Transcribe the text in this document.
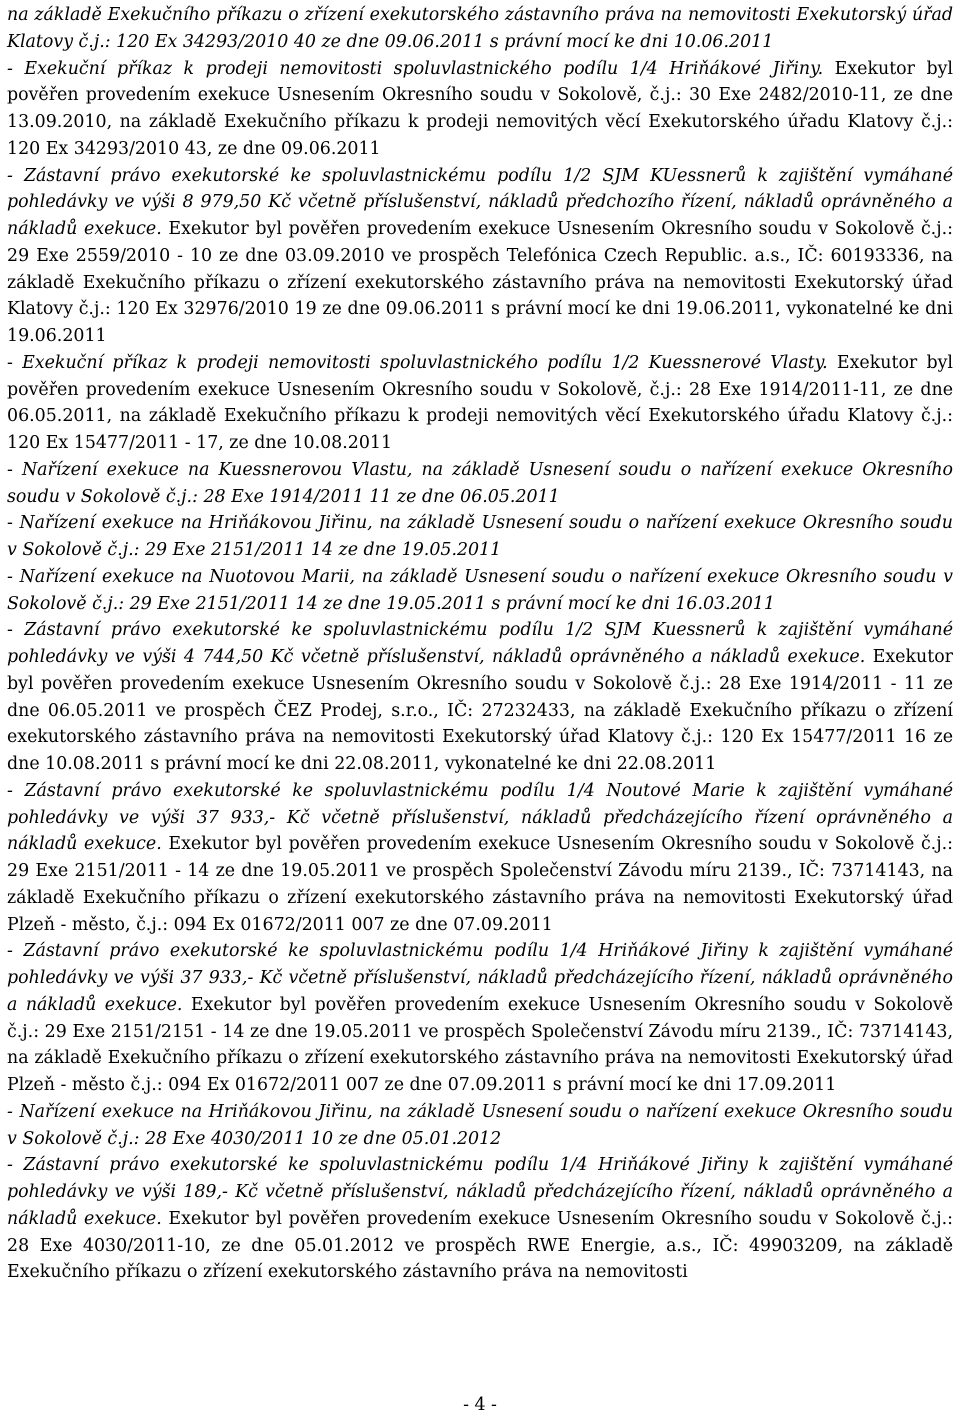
na základě Exekučního příkazu o zřízení exekutorského zástavního práva na nemovitosti Exekutorský úřad Klatovy č.j.: 120 Ex 34293/2010 40 ze dne 09.06.2011 s právní mocí ke dni 10.06.2011

- Exekuční příkaz k prodeji nemovitosti spoluvlastnického podílu 1/4 Hriňákové Jiřiny. Exekutor byl pověřen provedením exekuce Usnesením Okresního soudu v Sokolově, č.j.: 30 Exe 2482/2010-11, ze dne 13.09.2010, na základě Exekučního příkazu k prodeji nemovitých věcí Exekutorského úřadu Klatovy č.j.: 120 Ex 34293/2010 43, ze dne 09.06.2011

- Zástavní právo exekutorské ke spoluvlastnickému podílu 1/2 SJM KUessnerů k zajištění vymáhané pohledávky ve výši 8 979,50 Kč včetně příslušenství, nákladů předchozího řízení, nákladů oprávněného a nákladů exekuce. Exekutor byl pověřen provedením exekuce Usnesením Okresního soudu v Sokolově č.j.: 29 Exe 2559/2010 - 10 ze dne 03.09.2010 ve prospěch Telefónica Czech Republic. a.s., IČ: 60193336, na základě Exekučního příkazu o zřízení exekutorského zástavního práva na nemovitosti Exekutorský úřad Klatovy č.j.: 120 Ex 32976/2010 19 ze dne 09.06.2011 s právní mocí ke dni 19.06.2011, vykonatelné ke dni 19.06.2011

- Exekuční příkaz k prodeji nemovitosti spoluvlastnického podílu 1/2 Kuessnerové Vlasty. Exekutor byl pověřen provedením exekuce Usnesením Okresního soudu v Sokolově, č.j.: 28 Exe 1914/2011-11, ze dne 06.05.2011, na základě Exekučního příkazu k prodeji nemovitých věcí Exekutorského úřadu Klatovy č.j.: 120 Ex 15477/2011 - 17, ze dne 10.08.2011

- Nařízení exekuce na Kuessnerovou Vlastu, na základě Usnesení soudu o nařízení exekuce Okresního soudu v Sokolově č.j.: 28 Exe 1914/2011 11 ze dne 06.05.2011

- Nařízení exekuce na Hriňákovou Jiřinu, na základě Usnesení soudu o nařízení exekuce Okresního soudu v Sokolově č.j.: 29 Exe 2151/2011 14 ze dne 19.05.2011

- Nařízení exekuce na Nuotovou Marii, na základě Usnesení soudu o nařízení exekuce Okresního soudu v Sokolově č.j.: 29 Exe 2151/2011 14 ze dne 19.05.2011 s právní mocí ke dni 16.03.2011

- Zástavní právo exekutorské ke spoluvlastnickému podílu 1/2 SJM Kuessnerů k zajištění vymáhané pohledávky ve výši 4 744,50 Kč včetně příslušenství, nákladů oprávněného a nákladů exekuce. Exekutor byl pověřen provedením exekuce Usnesením Okresního soudu v Sokolově č.j.: 28 Exe 1914/2011 - 11 ze dne 06.05.2011 ve prospěch ČEZ Prodej, s.r.o., IČ: 27232433, na základě Exekučního příkazu o zřízení exekutorského zástavního práva na nemovitosti Exekutorský úřad Klatovy č.j.: 120 Ex 15477/2011 16 ze dne 10.08.2011 s právní mocí ke dni 22.08.2011, vykonatelné ke dni 22.08.2011

- Zástavní právo exekutorské ke spoluvlastnickému podílu 1/4 Noutové Marie k zajištění vymáhané pohledávky ve výši 37 933,- Kč včetně příslušenství, nákladů předcházejícího řízení oprávněného a nákladů exekuce. Exekutor byl pověřen provedením exekuce Usnesením Okresního soudu v Sokolově č.j.: 29 Exe 2151/2011 - 14 ze dne 19.05.2011 ve prospěch Společenství Závodu míru 2139., IČ: 73714143, na základě Exekučního příkazu o zřízení exekutorského zástavního práva na nemovitosti Exekutorský úřad Plzeň - město, č.j.: 094 Ex 01672/2011 007 ze dne 07.09.2011

- Zástavní právo exekutorské ke spoluvlastnickému podílu 1/4 Hriňákové Jiřiny k zajištění vymáhané pohledávky ve výši 37 933,- Kč včetně příslušenství, nákladů předcházejícího řízení, nákladů oprávněného a nákladů exekuce. Exekutor byl pověřen provedením exekuce Usnesením Okresního soudu v Sokolově č.j.: 29 Exe 2151/2151 - 14 ze dne 19.05.2011 ve prospěch Společenství Závodu míru 2139., IČ: 73714143, na základě Exekučního příkazu o zřízení exekutorského zástavního práva na nemovitosti Exekutorský úřad Plzeň - město č.j.: 094 Ex 01672/2011 007 ze dne 07.09.2011 s právní mocí ke dni 17.09.2011

- Nařízení exekuce na Hriňákovou Jiřinu, na základě Usnesení soudu o nařízení exekuce Okresního soudu v Sokolově č.j.: 28 Exe 4030/2011 10 ze dne 05.01.2012

- Zástavní právo exekutorské ke spoluvlastnickému podílu 1/4 Hriňákové Jiřiny k zajištění vymáhané pohledávky ve výši 189,- Kč včetně příslušenství, nákladů předcházejícího řízení, nákladů oprávněného a nákladů exekuce. Exekutor byl pověřen provedením exekuce Usnesením Okresního soudu v Sokolově č.j.: 28 Exe 4030/2011-10, ze dne 05.01.2012 ve prospěch RWE Energie, a.s., IČ: 49903209, na základě Exekučního příkazu o zřízení exekutorského zástavního práva na nemovitosti

- 4 -
